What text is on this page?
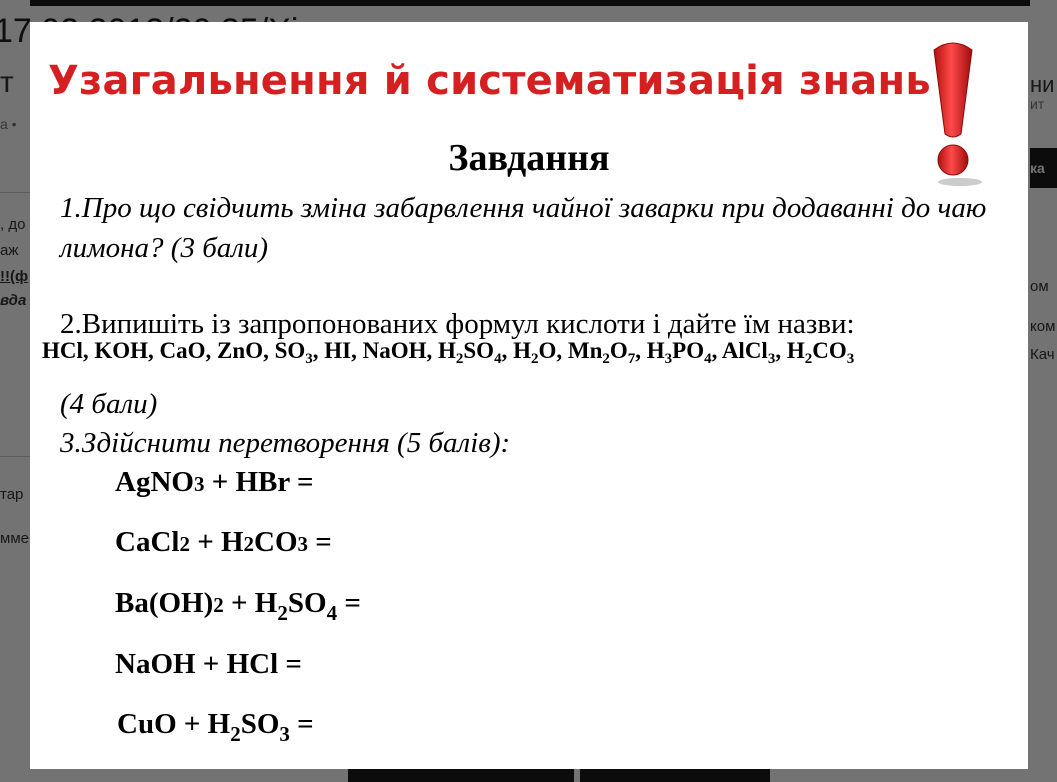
Узагальнення й систематизація знань
Завдання
1.Про що свідчить зміна забарвлення чайної заварки при додаванні до чаю лимона? (3 бали)
2.Випишіть із запропонованих формул кислоти і дайте їм назви:
HCl, KOH, CaO, ZnO, $SO_3$, HI, NaOH, $H_2SO_4$, $H_2O$, $Mn_2O_7$, $H_3PO_4$, AlCl$_3$, $H_2CO_3$
(4 бали)
3.Здійснити перетворення (5 балів):
AgNO3 + HBr =
CaCl2 + H2CO3 =
$Ba(OH)2 + H_2SO_4$ =
NaOH + HCl =
CuO + $H_2SO_3$ =
